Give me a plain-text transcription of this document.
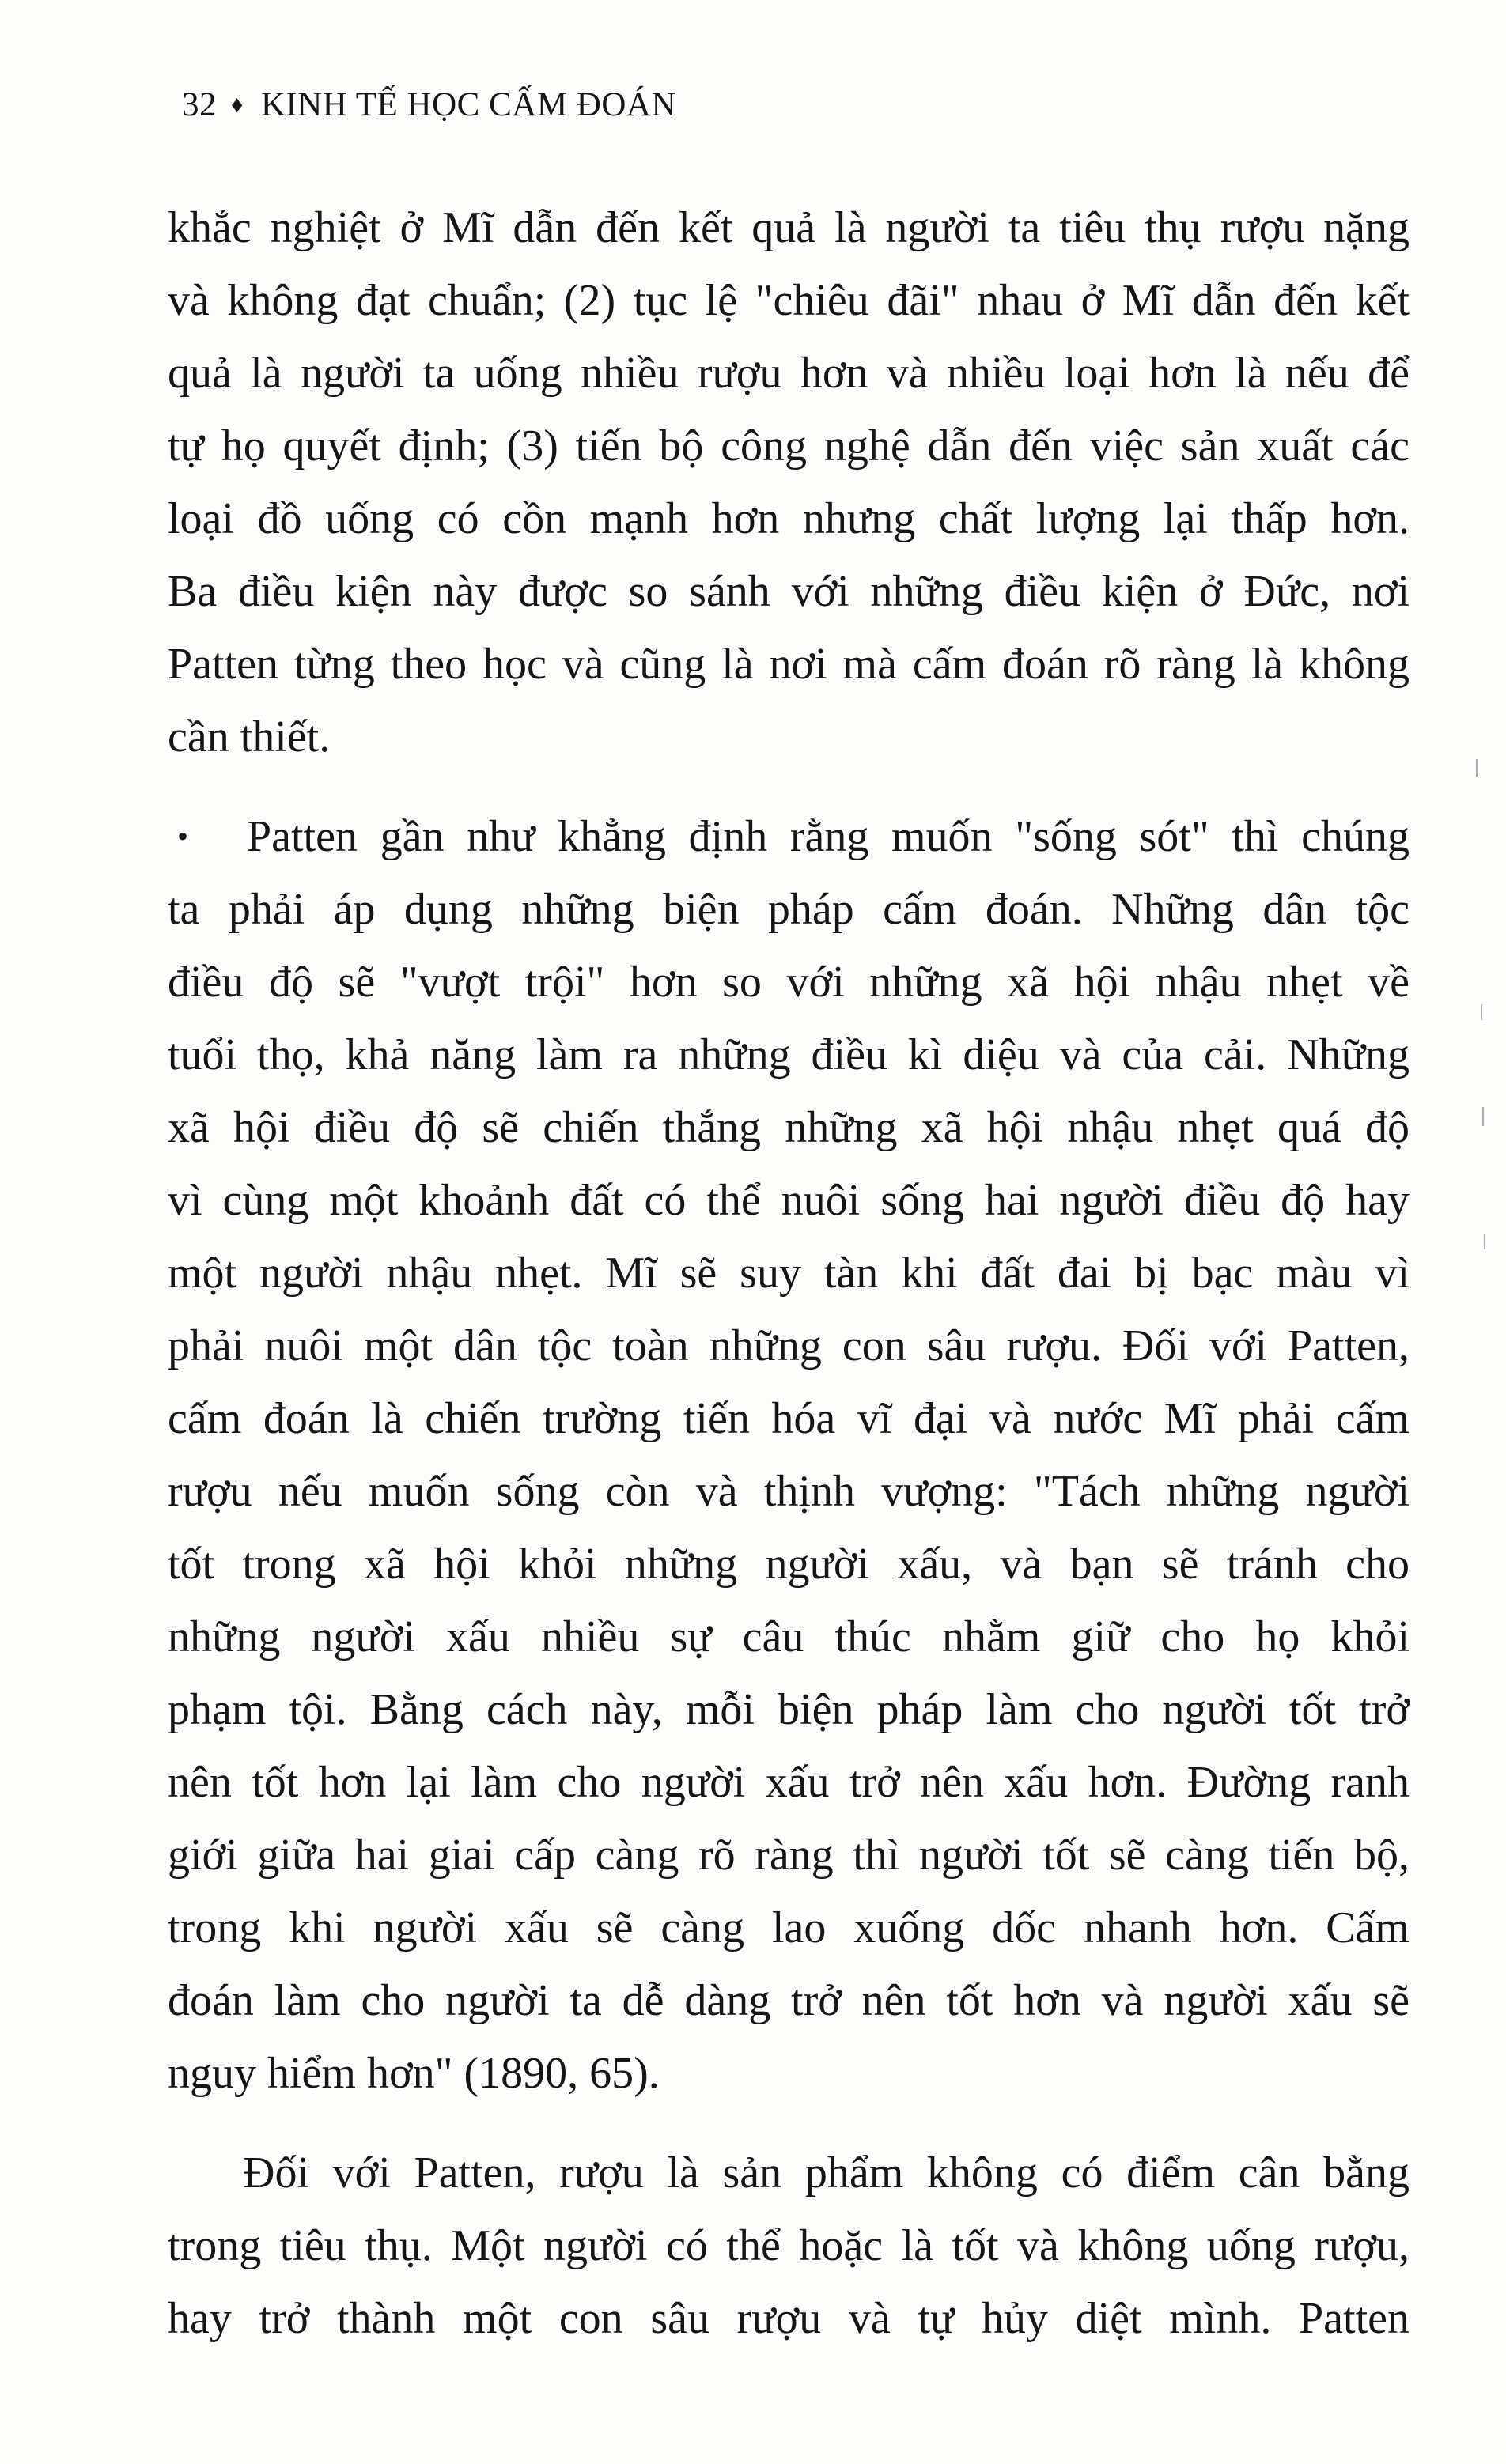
32 ♦ KINH TẾ HỌC CẤM ĐOÁN
khắc nghiệt ở Mĩ dẫn đến kết quả là người ta tiêu thụ rượu nặng
và không đạt chuẩn; (2) tục lệ "chiêu đãi" nhau ở Mĩ dẫn đến kết
quả là người ta uống nhiều rượu hơn và nhiều loại hơn là nếu để
tự họ quyết định; (3) tiến bộ công nghệ dẫn đến việc sản xuất các
loại đồ uống có cồn mạnh hơn nhưng chất lượng lại thấp hơn.
Ba điều kiện này được so sánh với những điều kiện ở Đức, nơi
Patten từng theo học và cũng là nơi mà cấm đoán rõ ràng là không
cần thiết.
• Patten gần như khẳng định rằng muốn "sống sót" thì chúng
ta phải áp dụng những biện pháp cấm đoán. Những dân tộc
điều độ sẽ "vượt trội" hơn so với những xã hội nhậu nhẹt về
tuổi thọ, khả năng làm ra những điều kì diệu và của cải. Những
xã hội điều độ sẽ chiến thắng những xã hội nhậu nhẹt quá độ
vì cùng một khoảnh đất có thể nuôi sống hai người điều độ hay
một người nhậu nhẹt. Mĩ sẽ suy tàn khi đất đai bị bạc màu vì
phải nuôi một dân tộc toàn những con sâu rượu. Đối với Patten,
cấm đoán là chiến trường tiến hóa vĩ đại và nước Mĩ phải cấm
rượu nếu muốn sống còn và thịnh vượng: "Tách những người
tốt trong xã hội khỏi những người xấu, và bạn sẽ tránh cho
những người xấu nhiều sự câu thúc nhằm giữ cho họ khỏi
phạm tội. Bằng cách này, mỗi biện pháp làm cho người tốt trở
nên tốt hơn lại làm cho người xấu trở nên xấu hơn. Đường ranh
giới giữa hai giai cấp càng rõ ràng thì người tốt sẽ càng tiến bộ,
trong khi người xấu sẽ càng lao xuống dốc nhanh hơn. Cấm
đoán làm cho người ta dễ dàng trở nên tốt hơn và người xấu sẽ
nguy hiểm hơn" (1890, 65).
Đối với Patten, rượu là sản phẩm không có điểm cân bằng
trong tiêu thụ. Một người có thể hoặc là tốt và không uống rượu,
hay trở thành một con sâu rượu và tự hủy diệt mình. Patten
